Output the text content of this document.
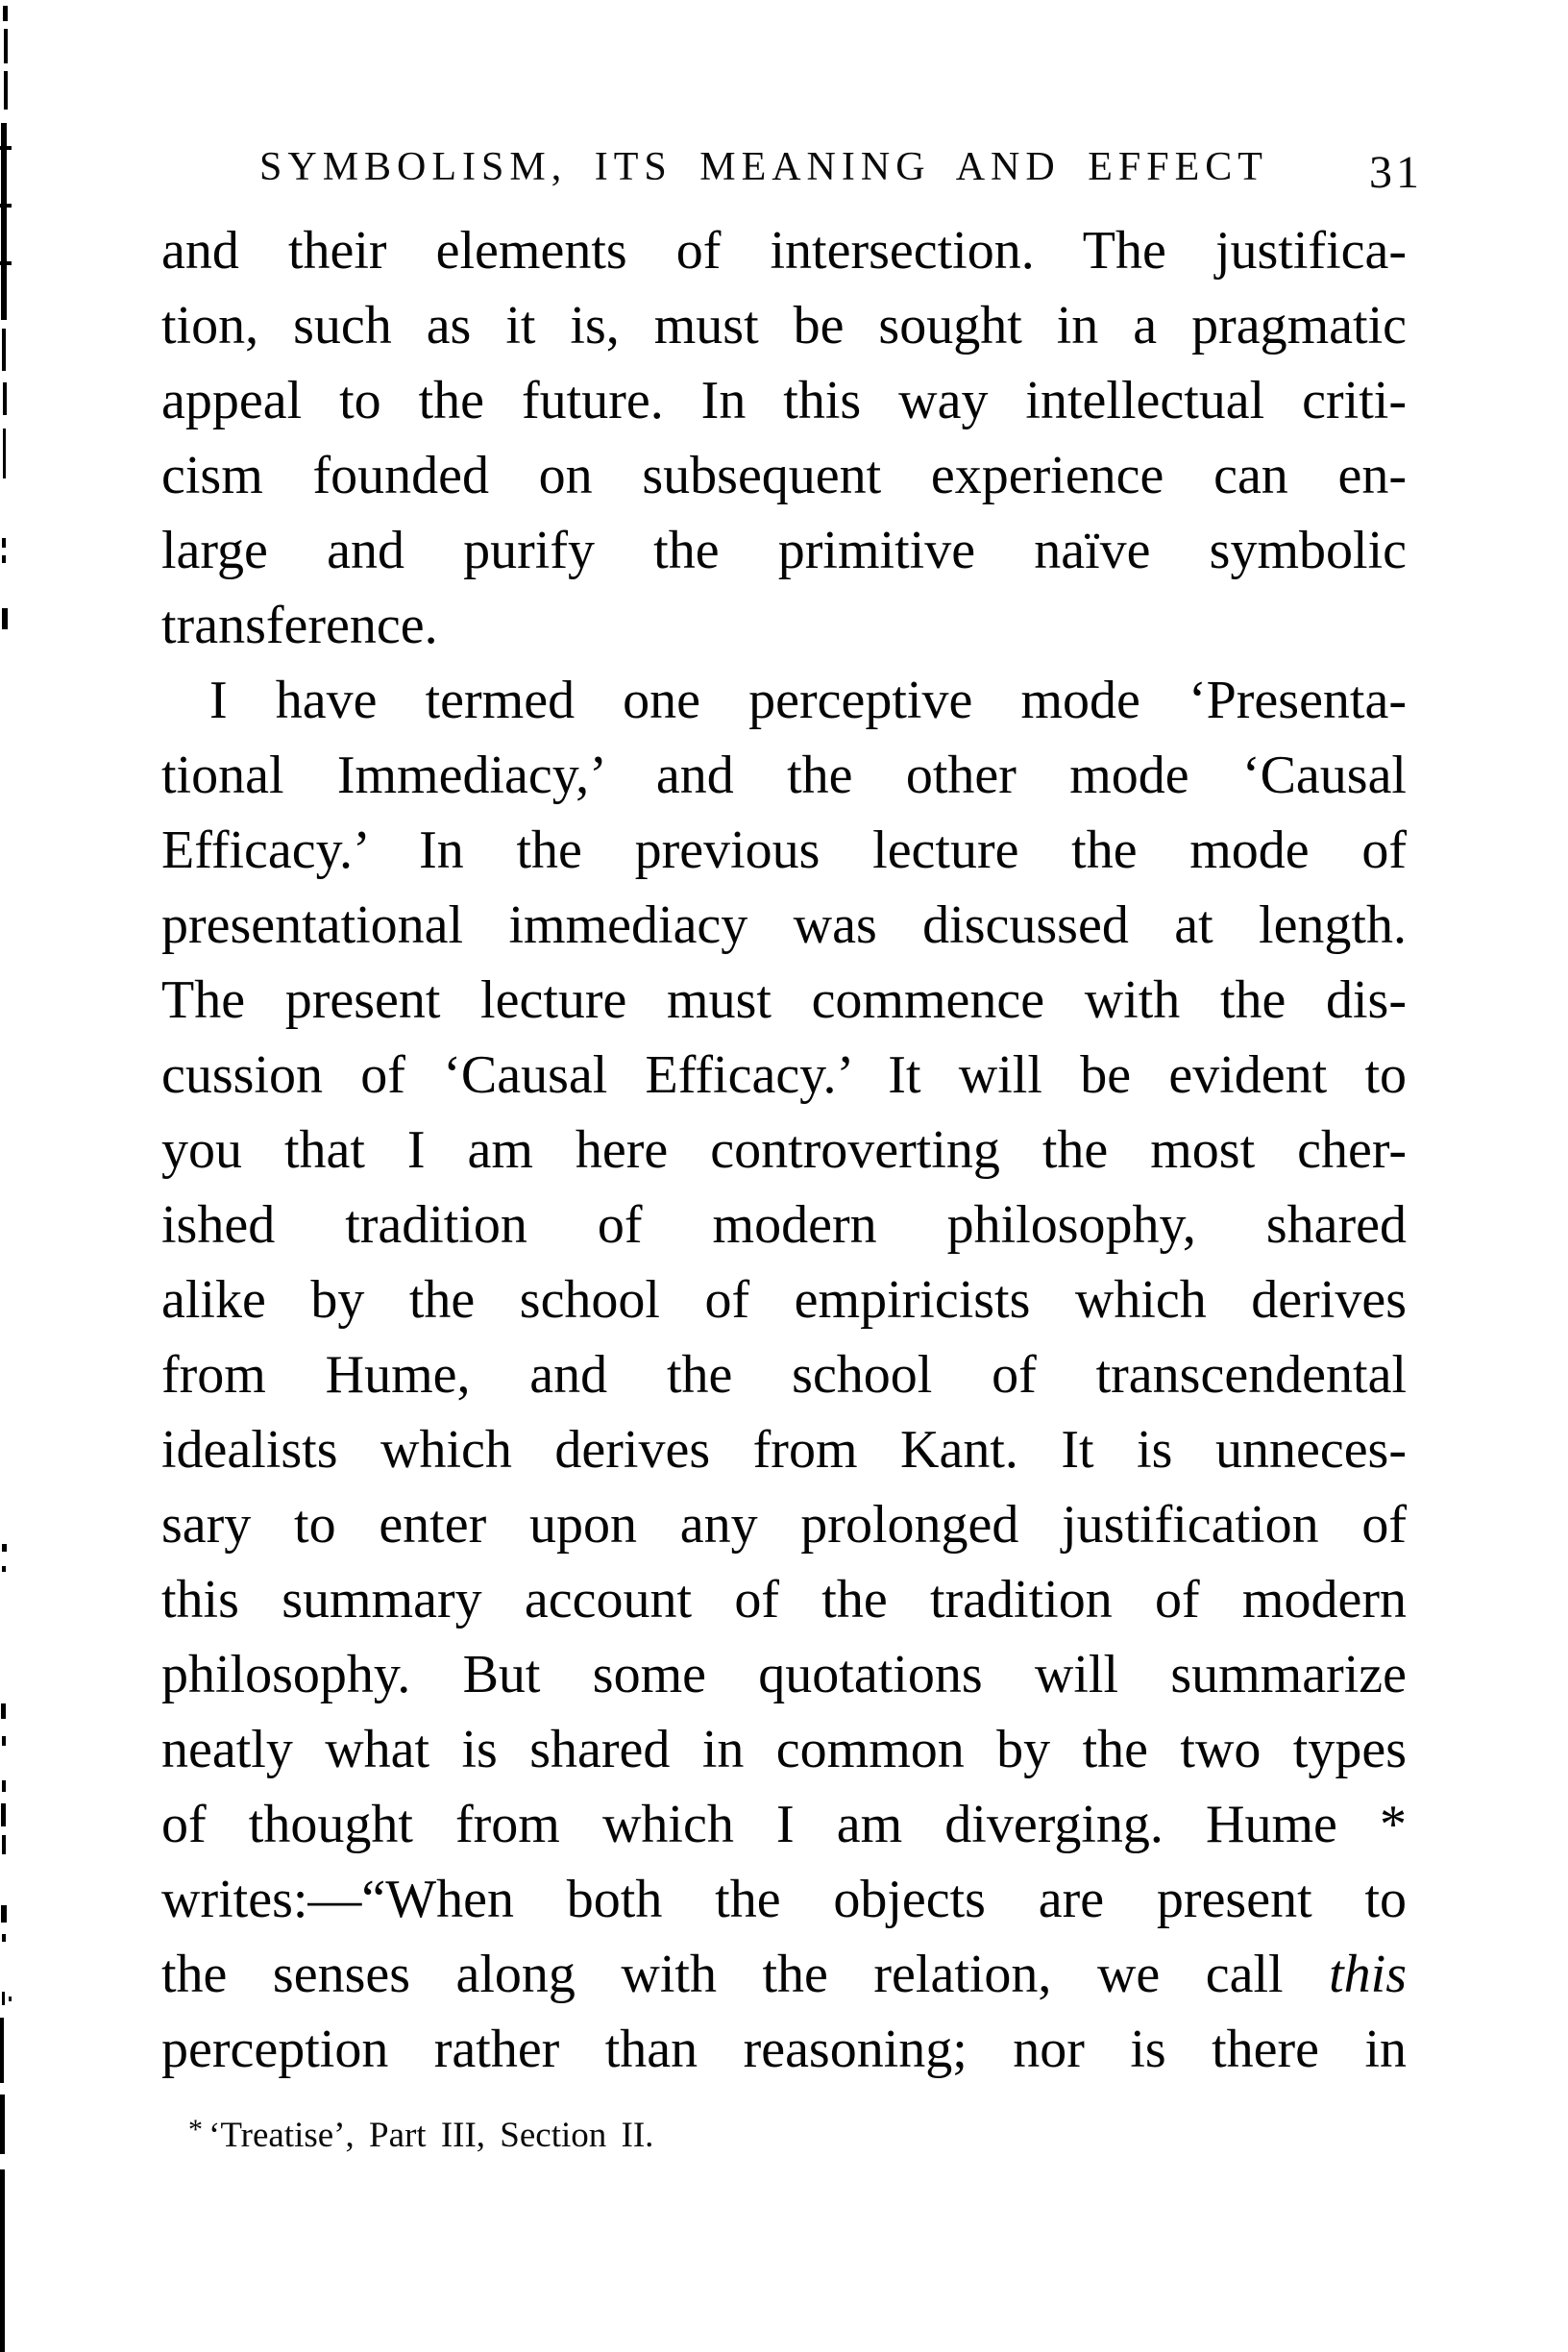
SYMBOLISM, ITS MEANING AND EFFECT	31
and their elements of intersection. The justifica-
tion, such as it is, must be sought in a pragmatic
appeal to the future. In this way intellectual criti-
cism founded on subsequent experience can en-
large and purify the primitive naïve symbolic
transference.
I have termed one perceptive mode ‘Presenta-
tional Immediacy,’ and the other mode ‘Causal
Efficacy.’ In the previous lecture the mode of
presentational immediacy was discussed at length.
The present lecture must commence with the dis-
cussion of ‘Causal Efficacy.’ It will be evident to
you that I am here controverting the most cher-
ished tradition of modern philosophy, shared
alike by the school of empiricists which derives
from Hume, and the school of transcendental
idealists which derives from Kant. It is unneces-
sary to enter upon any prolonged justification of
this summary account of the tradition of modern
philosophy. But some quotations will summarize
neatly what is shared in common by the two types
of thought from which I am diverging. Hume *
writes:—“When both the objects are present to
the senses along with the relation, we call this
perception rather than reasoning; nor is there in
* ‘Treatise’, Part III, Section II.
